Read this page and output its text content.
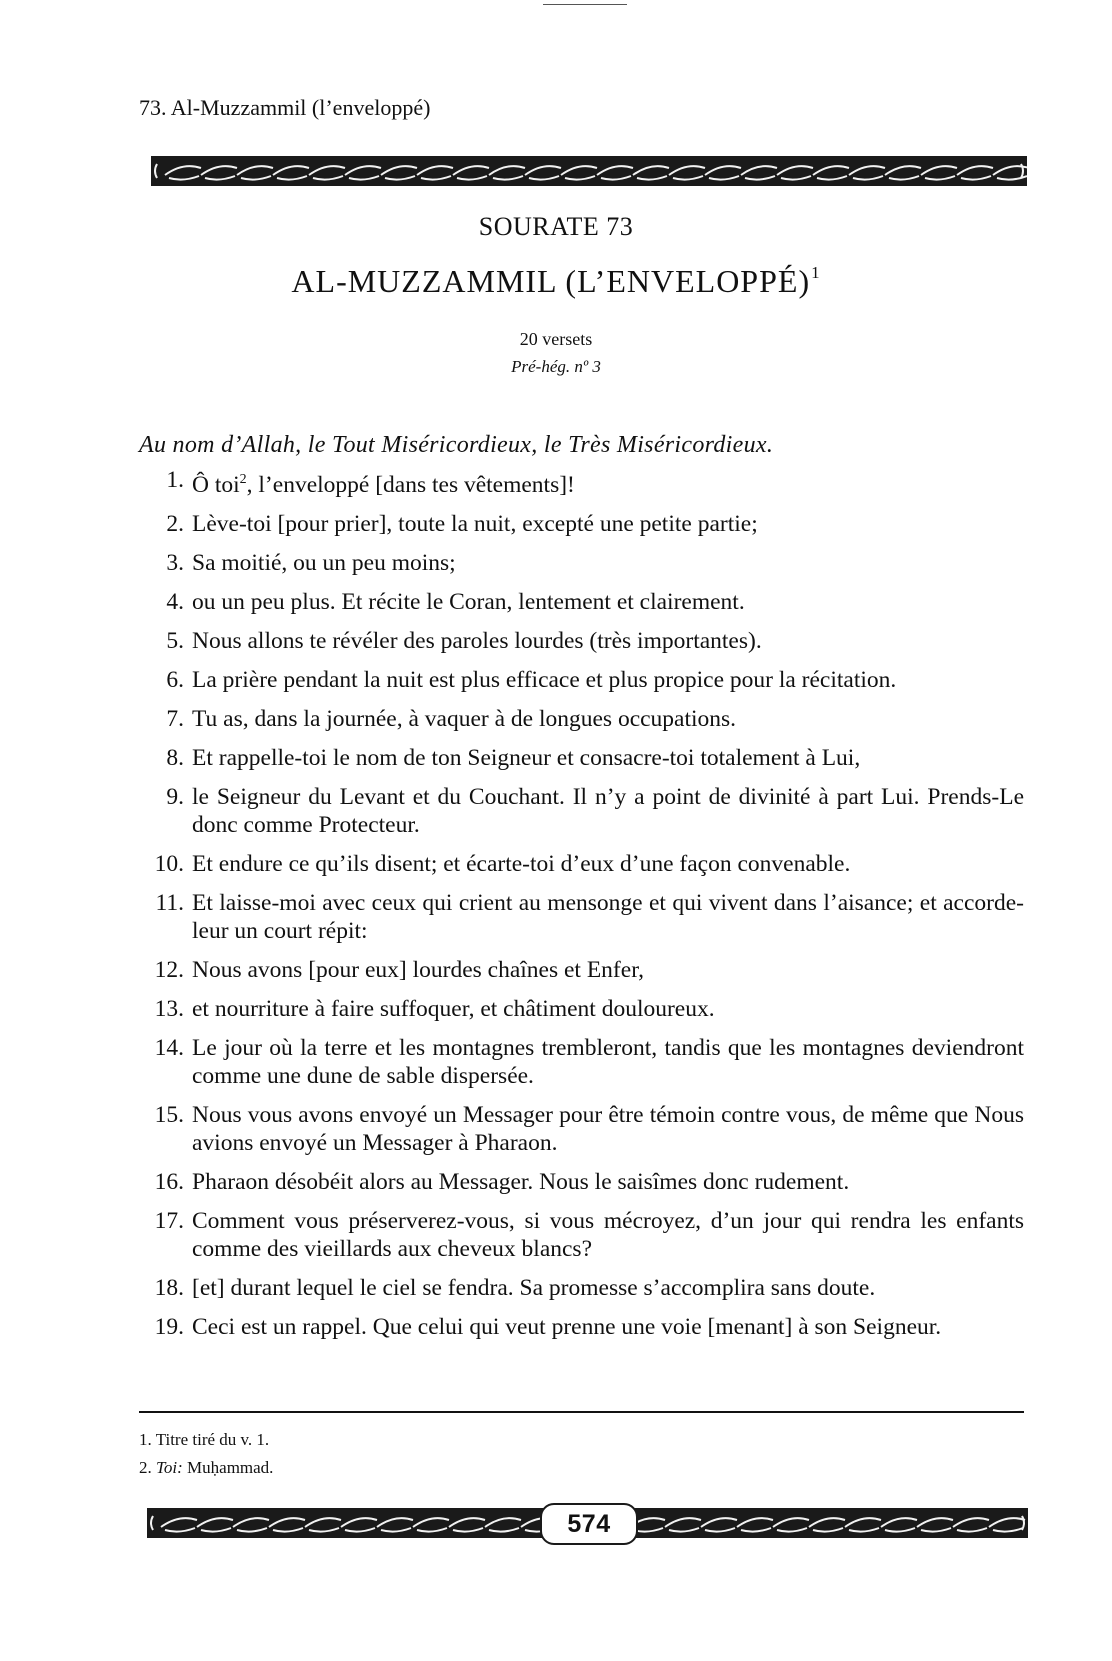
73. Al-Muzzammil (l’enveloppé)
SOURATE 73
AL-MUZZAMMIL (L’ENVELOPPÉ)$^1$
20 versets
Pré-hég. nº 3
Au nom d’Allah, le Tout Miséricordieux, le Très Miséricordieux.
1. Ô toi$^2$, l’enveloppé [dans tes vêtements]!
2. Lève-toi [pour prier], toute la nuit, excepté une petite partie;
3. Sa moitié, ou un peu moins;
4. ou un peu plus. Et récite le Coran, lentement et clairement.
5. Nous allons te révéler des paroles lourdes (très importantes).
6. La prière pendant la nuit est plus efficace et plus propice pour la récitation.
7. Tu as, dans la journée, à vaquer à de longues occupations.
8. Et rappelle-toi le nom de ton Seigneur et consacre-toi totalement à Lui,
9. le Seigneur du Levant et du Couchant. Il n’y a point de divinité à part Lui. Prends-Le donc comme Protecteur.
10. Et endure ce qu’ils disent; et écarte-toi d’eux d’une façon convenable.
11. Et laisse-moi avec ceux qui crient au mensonge et qui vivent dans l’aisance; et accorde-leur un court répit:
12. Nous avons [pour eux] lourdes chaînes et Enfer,
13. et nourriture à faire suffoquer, et châtiment douloureux.
14. Le jour où la terre et les montagnes trembleront, tandis que les montagnes deviendront comme une dune de sable dispersée.
15. Nous vous avons envoyé un Messager pour être témoin contre vous, de même que Nous avions envoyé un Messager à Pharaon.
16. Pharaon désobéit alors au Messager. Nous le saisîmes donc rudement.
17. Comment vous préserverez-vous, si vous mécroyez, d’un jour qui rendra les enfants comme des vieillards aux cheveux blancs?
18. [et] durant lequel le ciel se fendra. Sa promesse s’accomplira sans doute.
19. Ceci est un rappel. Que celui qui veut prenne une voie [menant] à son Seigneur.
1. Titre tiré du v. 1.
2. Toi: Muḥammad.
574
